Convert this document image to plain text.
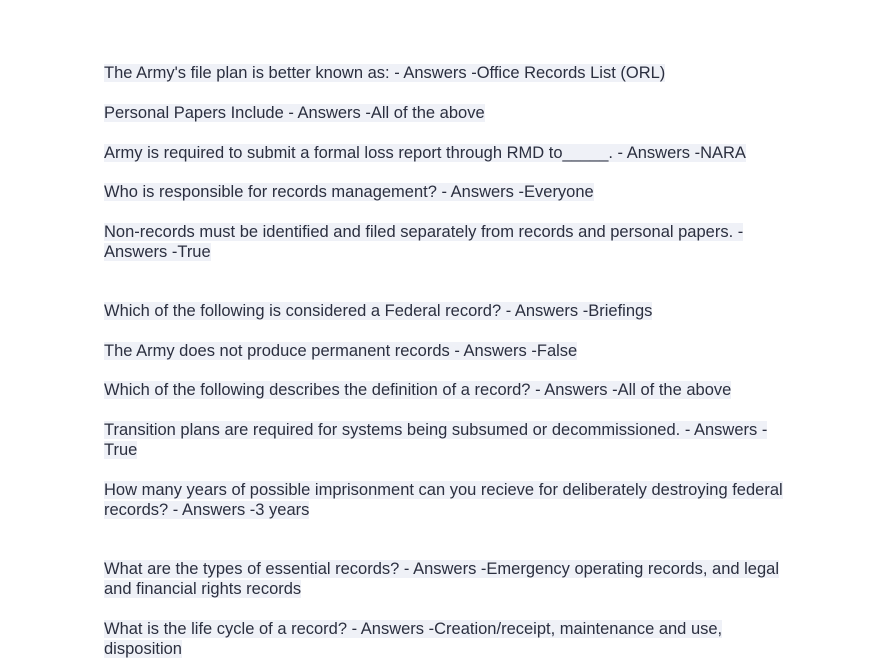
The Army's file plan is better known as: - Answers -Office Records List (ORL)

Personal Papers Include - Answers -All of the above

Army is required to submit a formal loss report through RMD to_____. - Answers -NARA

Who is responsible for records management? - Answers -Everyone

Non-records must be identified and filed separately from records and personal papers. - Answers -True

Which of the following is considered a Federal record? - Answers -Briefings

The Army does not produce permanent records - Answers -False

Which of the following describes the definition of a record? - Answers -All of the above

Transition plans are required for systems being subsumed or decommissioned. - Answers -True

How many years of possible imprisonment can you recieve for deliberately destroying federal records? - Answers -3 years

What are the types of essential records? - Answers -Emergency operating records, and legal and financial rights records

What is the life cycle of a record? - Answers -Creation/receipt, maintenance and use, disposition
